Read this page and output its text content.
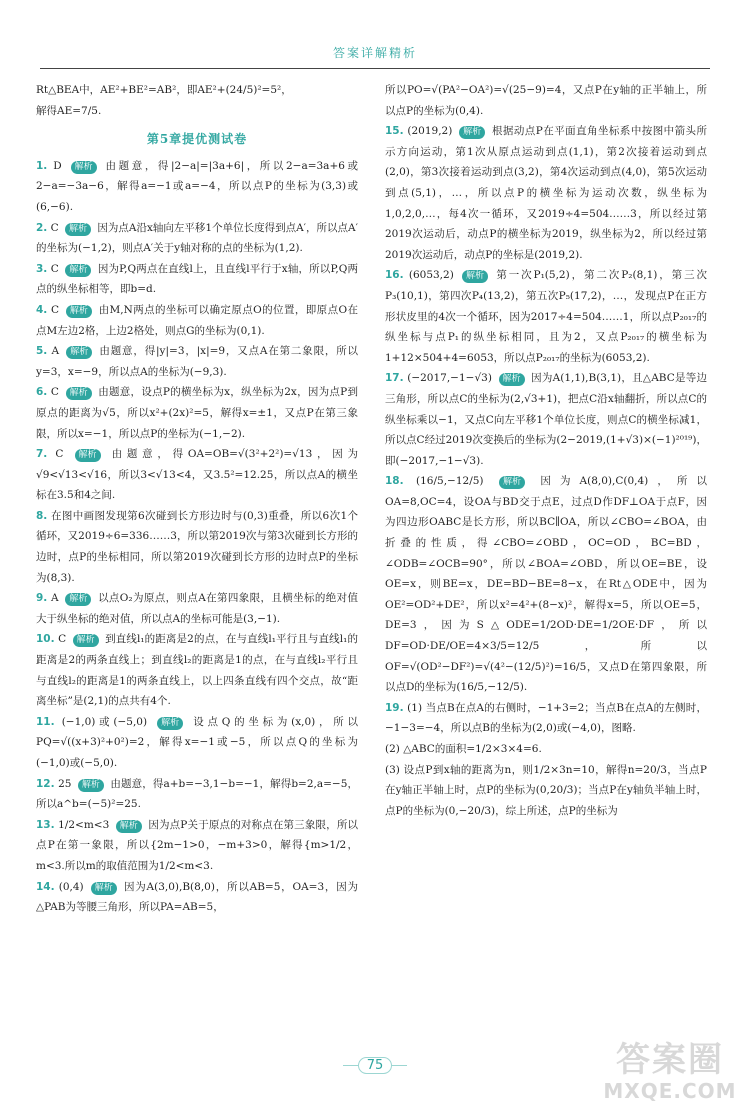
答案详解精析

Rt△BEA中，AE²+BE²=AB²，即AE²+(24/5)²=5²，

解得AE=7/5.

第5章提优测试卷

1. D 解析 由题意，得|2−a|=|3a+6|，所以2−a=3a+6或2−a=−3a−6，解得a=−1或a=−4，所以点P的坐标为(3,3)或(6,−6).

2. C 解析 因为点A沿x轴向左平移1个单位长度得到点A′，所以点A′的坐标为(−1,2)，则点A′关于y轴对称的点的坐标为(1,2).

3. C 解析 因为P,Q两点在直线l上，且直线l平行于x轴，所以P,Q两点的纵坐标相等，即b=d.

4. C 解析 由M,N两点的坐标可以确定原点O的位置，即原点O在点M左边2格，上边2格处，则点G的坐标为(0,1).

5. A 解析 由题意，得|y|=3，|x|=9，又点A在第二象限，所以y=3，x=−9，所以点A的坐标为(−9,3).

6. C 解析 由题意，设点P的横坐标为x，纵坐标为2x，因为点P到原点的距离为√5，所以x²+(2x)²=5，解得x=±1，又点P在第三象限，所以x=−1，所以点P的坐标为(−1,−2).

7. C 解析 由题意，得OA=OB=√(3²+2²)=√13，因为√9<√13<√16，所以3<√13<4，又3.5²=12.25，所以点A的横坐标在3.5和4之间.

8. 在图中画图发现第6次碰到长方形边时与(0,3)重叠，所以6次1个循环，又2019÷6=336……3，所以第2019次与第3次碰到长方形的边时，点P的坐标相同，所以第2019次碰到长方形的边时点P的坐标为(8,3).

9. A 解析 以点O₂为原点，则点A在第四象限，且横坐标的绝对值大于纵坐标的绝对值，所以点A的坐标可能是(3,−1).

10. C 解析 到直线l₁的距离是2的点，在与直线l₁平行且与直线l₁的距离是2的两条直线上；到直线l₂的距离是1的点，在与直线l₂平行且与直线l₂的距离是1的两条直线上，以上四条直线有四个交点，故“距离坐标”是(2,1)的点共有4个.

11. (−1,0)或(−5,0) 解析 设点Q的坐标为(x,0)，所以PQ=√((x+3)²+0²)=2，解得x=−1或−5，所以点Q的坐标为(−1,0)或(−5,0).

12. 25 解析 由题意，得a+b=−3,1−b=−1，解得b=2,a=−5，所以a^b=(−5)²=25.

13. 1/2<m<3 解析 因为点P关于原点的对称点在第三象限，所以点P在第一象限，所以{2m−1>0，−m+3>0，解得{m>1/2，m<3.所以m的取值范围为1/2<m<3.

14. (0,4) 解析 因为A(3,0),B(8,0)，所以AB=5，OA=3，因为△PAB为等腰三角形，所以PA=AB=5，

所以PO=√(PA²−OA²)=√(25−9)=4，又点P在y轴的正半轴上，所以点P的坐标为(0,4).

15. (2019,2) 解析 根据动点P在平面直角坐标系中按图中箭头所示方向运动，第1次从原点运动到点(1,1)，第2次接着运动到点(2,0)，第3次接着运动到点(3,2)，第4次运动到点(4,0)，第5次运动到点(5,1)，…，所以点P的横坐标为运动次数，纵坐标为1,0,2,0,…，每4次一循环，又2019÷4=504……3，所以经过第2019次运动后，动点P的横坐标为2019，纵坐标为2，所以经过第2019次运动后，动点P的坐标是(2019,2).

16. (6053,2) 解析 第一次P₁(5,2)，第二次P₂(8,1)，第三次P₃(10,1)，第四次P₄(13,2)，第五次P₅(17,2)，…，发现点P在正方形状皮里的4次一个循环，因为2017÷4=504……1，所以点P₂₀₁₇的纵坐标与点P₁的纵坐标相同，且为2，又点P₂₀₁₇的横坐标为1+12×504+4=6053，所以点P₂₀₁₇的坐标为(6053,2).

17. (−2017,−1−√3) 解析 因为A(1,1),B(3,1)，且△ABC是等边三角形，所以点C的坐标为(2,√3+1)，把点C沿x轴翻折，所以点C的纵坐标乘以−1，又点C向左平移1个单位长度，则点C的横坐标减1，所以点C经过2019次变换后的坐标为(2−2019,(1+√3)×(−1)²⁰¹⁹)，即(−2017,−1−√3).

18. (16/5,−12/5) 解析 因为A(8,0),C(0,4)，所以OA=8,OC=4，设OA与BD交于点E，过点D作DF⊥OA于点F，因为四边形OABC是长方形，所以BC∥OA，所以∠CBO=∠BOA，由折叠的性质，得∠CBO=∠OBD，OC=OD，BC=BD，∠ODB=∠OCB=90°，所以∠BOA=∠OBD，所以OE=BE，设OE=x，则BE=x，DE=BD−BE=8−x，在Rt△ODE中，因为OE²=OD²+DE²，所以x²=4²+(8−x)²，解得x=5，所以OE=5，DE=3，因为S△ODE=1/2OD·DE=1/2OE·DF，所以DF=OD·DE/OE=4×3/5=12/5，所以OF=√(OD²−DF²)=√(4²−(12/5)²)=16/5，又点D在第四象限，所以点D的坐标为(16/5,−12/5).

19. (1) 当点B在点A的右侧时，−1+3=2；当点B在点A的左侧时，−1−3=−4，所以点B的坐标为(2,0)或(−4,0)，图略.

(2) △ABC的面积=1/2×3×4=6.

(3) 设点P到x轴的距离为n，则1/2×3n=10，解得n=20/3，当点P在y轴正半轴上时，点P的坐标为(0,20/3)；当点P在y轴负半轴上时，点P的坐标为(0,−20/3)，综上所述，点P的坐标为

75	答案圈
MXQE.COM
